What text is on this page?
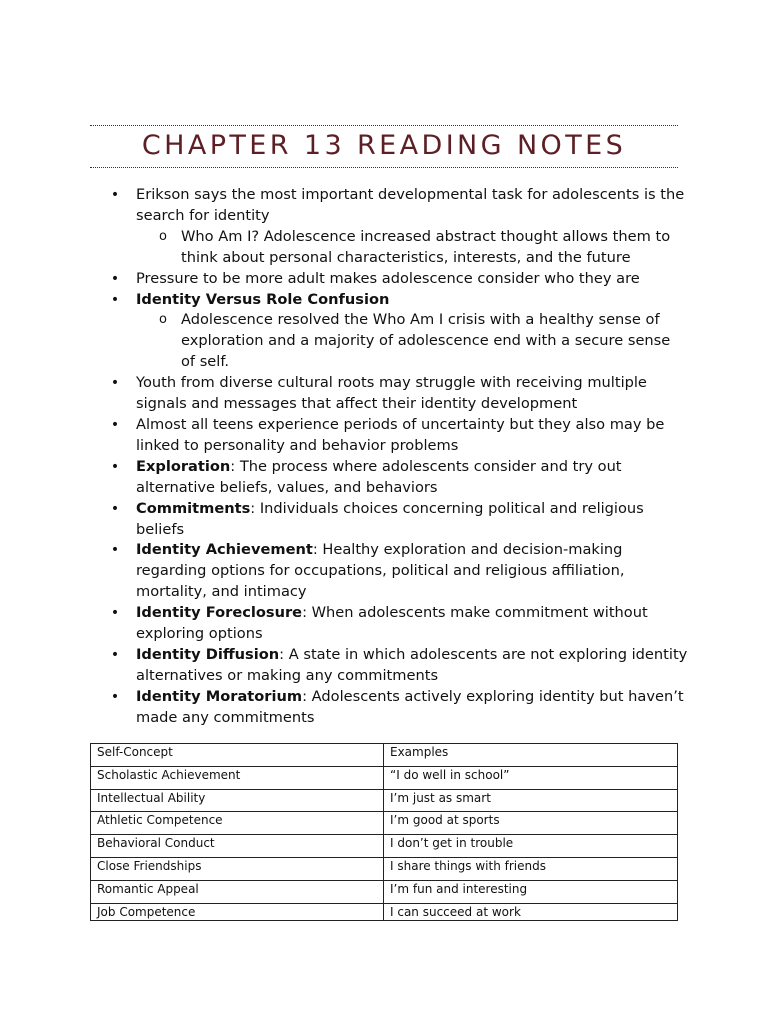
CHAPTER 13 READING NOTES
• Erikson says the most important developmental task for adolescents is the search for identity
o Who Am I? Adolescence increased abstract thought allows them to think about personal characteristics, interests, and the future
• Pressure to be more adult makes adolescence consider who they are
• Identity Versus Role Confusion
o Adolescence resolved the Who Am I crisis with a healthy sense of exploration and a majority of adolescence end with a secure sense of self.
• Youth from diverse cultural roots may struggle with receiving multiple signals and messages that affect their identity development
• Almost all teens experience periods of uncertainty but they also may be linked to personality and behavior problems
• Exploration: The process where adolescents consider and try out alternative beliefs, values, and behaviors
• Commitments: Individuals choices concerning political and religious beliefs
• Identity Achievement: Healthy exploration and decision-making regarding options for occupations, political and religious affiliation, mortality, and intimacy
• Identity Foreclosure: When adolescents make commitment without exploring options
• Identity Diffusion: A state in which adolescents are not exploring identity alternatives or making any commitments
• Identity Moratorium: Adolescents actively exploring identity but haven’t made any commitments
Self-Concept	Examples
Scholastic Achievement	“I do well in school”
Intellectual Ability	I’m just as smart
Athletic Competence	I’m good at sports
Behavioral Conduct	I don’t get in trouble
Close Friendships	I share things with friends
Romantic Appeal	I’m fun and interesting
Job Competence	I can succeed at work
